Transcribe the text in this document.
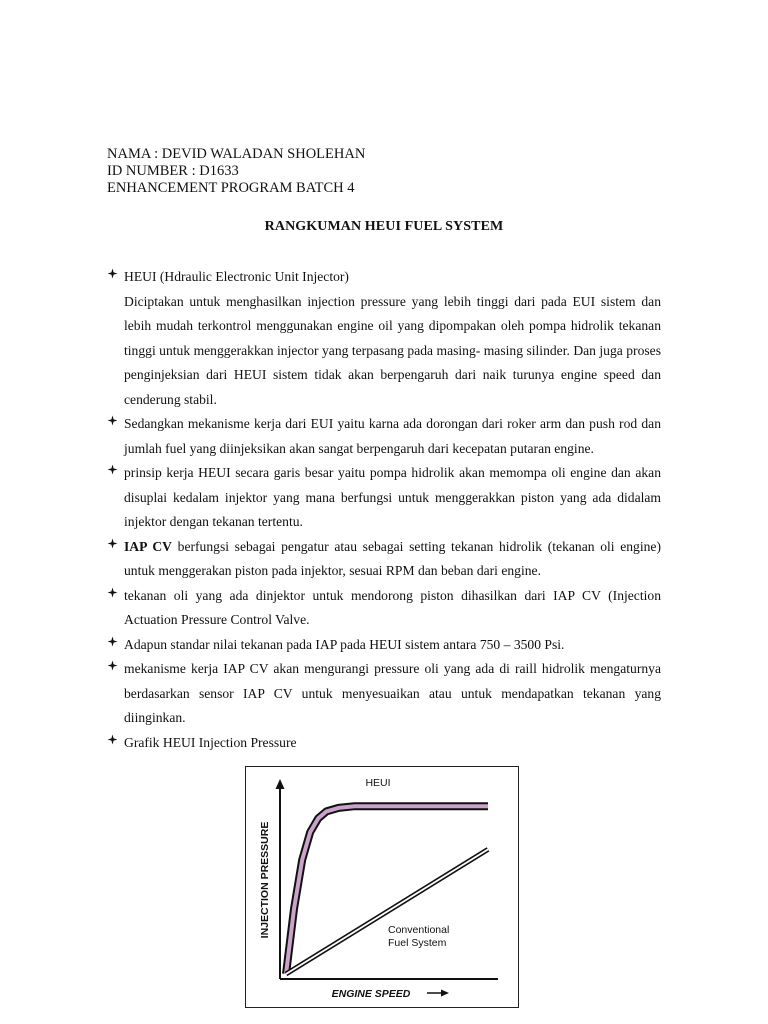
NAMA : DEVID WALADAN SHOLEHAN
ID NUMBER : D1633
ENHANCEMENT PROGRAM BATCH 4
RANGKUMAN HEUI FUEL SYSTEM
HEUI (Hdraulic Electronic Unit Injector)
Diciptakan untuk menghasilkan injection pressure yang lebih tinggi dari pada EUI sistem dan lebih mudah terkontrol menggunakan engine oil yang dipompakan oleh pompa hidrolik tekanan tinggi untuk menggerakkan injector yang terpasang pada masing- masing silinder. Dan juga proses penginjeksian dari HEUI sistem tidak akan berpengaruh dari naik turunya engine speed dan cenderung stabil.
Sedangkan mekanisme kerja dari EUI yaitu karna ada dorongan dari roker arm dan push rod dan jumlah fuel yang diinjeksikan akan sangat berpengaruh dari kecepatan putaran engine.
prinsip kerja HEUI secara garis besar yaitu pompa hidrolik akan memompa oli engine dan akan disuplai kedalam injektor yang mana berfungsi untuk menggerakkan piston yang ada didalam injektor dengan tekanan tertentu.
IAP CV berfungsi sebagai pengatur atau sebagai setting tekanan hidrolik (tekanan oli engine) untuk menggerakan piston pada injektor, sesuai RPM dan beban dari engine.
tekanan oli yang ada dinjektor untuk mendorong piston dihasilkan dari IAP CV (Injection Actuation Pressure Control Valve.
Adapun standar nilai tekanan pada IAP pada HEUI sistem antara 750 – 3500 Psi.
mekanisme kerja IAP CV akan mengurangi pressure oli yang ada di raill hidrolik mengaturnya berdasarkan sensor IAP CV untuk menyesuaikan atau untuk mendapatkan tekanan yang diinginkan.
Grafik HEUI Injection Pressure
INJECTION PRESSURE
ENGINE SPEED
HEUI
Conventional Fuel System
